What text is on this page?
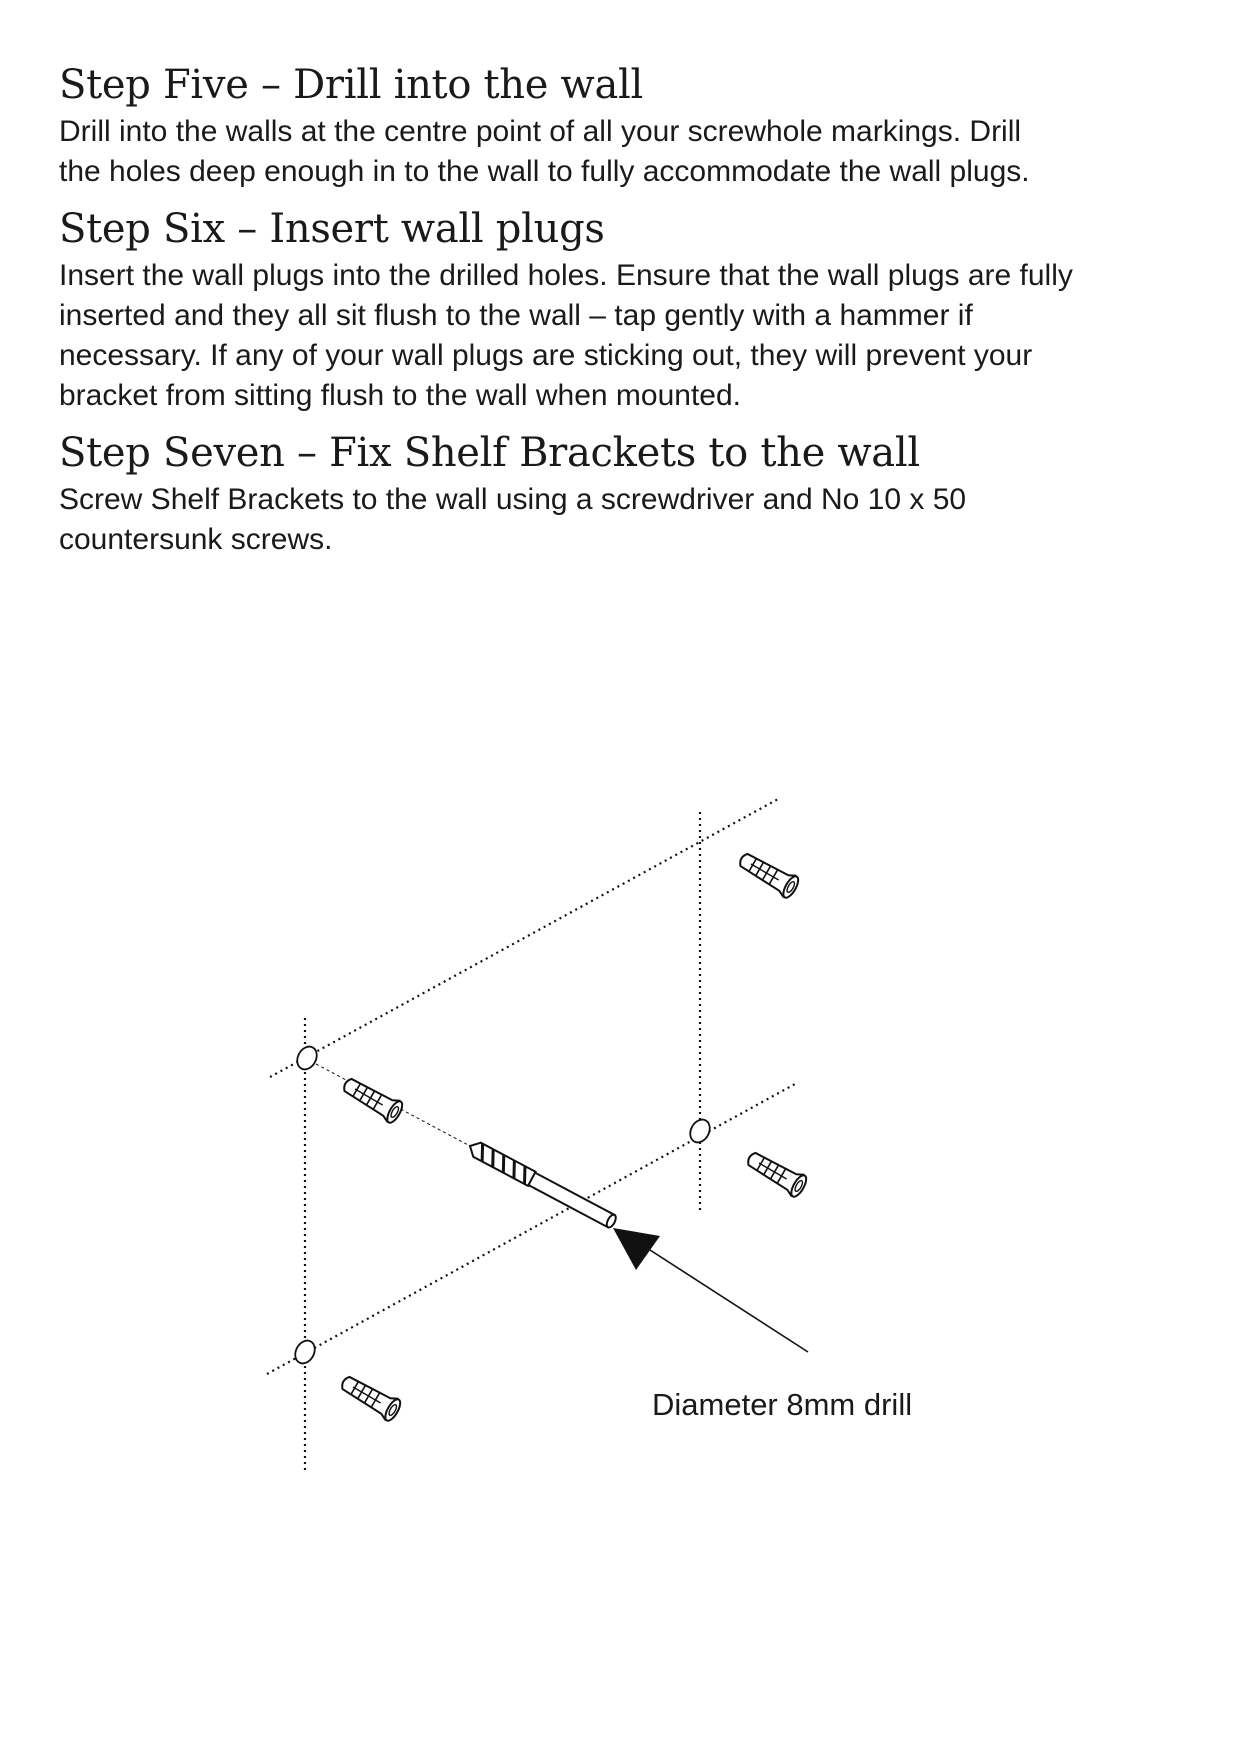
Step Five – Drill into the wall

Drill into the walls at the centre point of all your screwhole markings. Drill
the holes deep enough in to the wall to fully accommodate the wall plugs.

Step Six – Insert wall plugs

Insert the wall plugs into the drilled holes. Ensure that the wall plugs are fully
inserted and they all sit flush to the wall – tap gently with a hammer if
necessary. If any of your wall plugs are sticking out, they will prevent your
bracket from sitting flush to the wall when mounted.

Step Seven – Fix Shelf Brackets to the wall

Screw Shelf Brackets to the wall using a screwdriver and No 10 x 50
countersunk screws.

Diameter 8mm drill
